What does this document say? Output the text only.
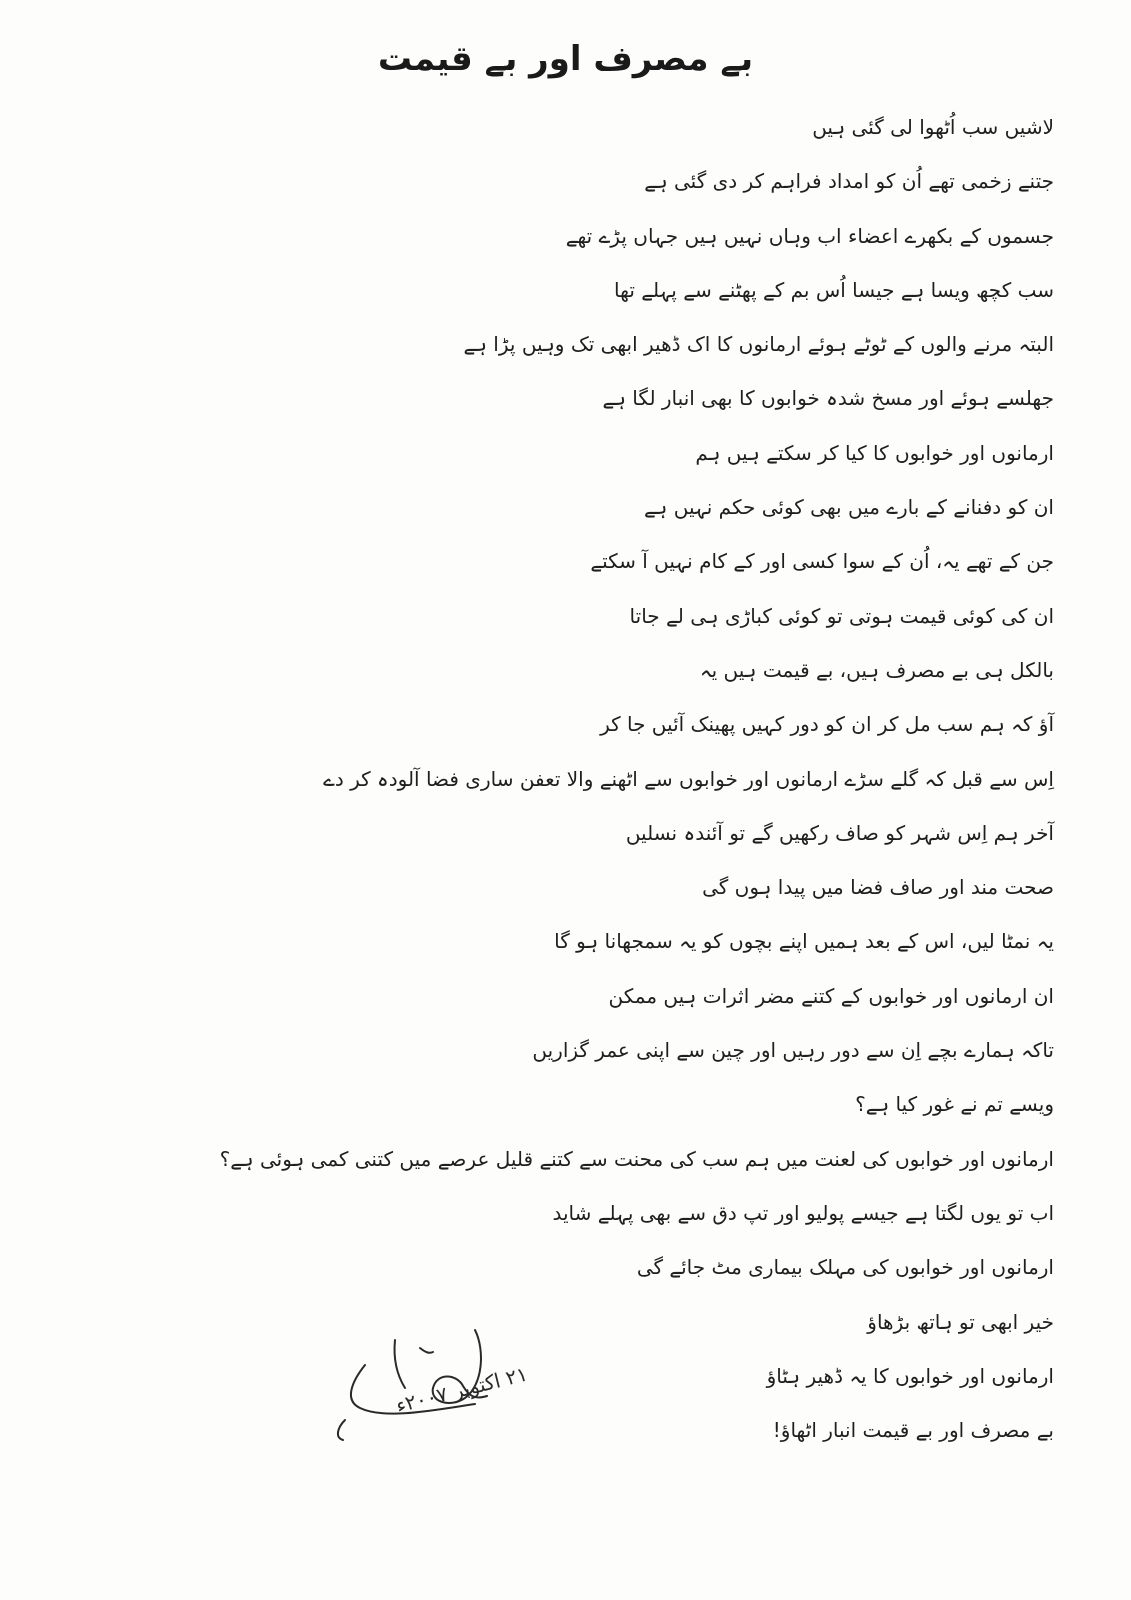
بے مصرف اور بے قیمت
لاشیں سب اُٹھوا لی گئی ہیں
جتنے زخمی تھے اُن کو امداد فراہم کر دی گئی ہے
جسموں کے بکھرے اعضاء اب وہاں نہیں ہیں جہاں پڑے تھے
سب کچھ ویسا ہے جیسا اُس بم کے پھٹنے سے پہلے تھا
البتہ مرنے والوں کے ٹوٹے ہوئے ارمانوں کا اک ڈھیر ابھی تک وہیں پڑا ہے
جھلسے ہوئے اور مسخ شدہ خوابوں کا بھی انبار لگا ہے
ارمانوں اور خوابوں کا کیا کر سکتے ہیں ہم
ان کو دفنانے کے بارے میں بھی کوئی حکم نہیں ہے
جن کے تھے یہ، اُن کے سوا کسی اور کے کام نہیں آ سکتے
ان کی کوئی قیمت ہوتی تو کوئی کباڑی ہی لے جاتا
بالکل ہی بے مصرف ہیں، بے قیمت ہیں یہ
آؤ کہ ہم سب مل کر ان کو دور کہیں پھینک آئیں جا کر
اِس سے قبل کہ گلے سڑے ارمانوں اور خوابوں سے اٹھنے والا تعفن ساری فضا آلودہ کر دے
آخر ہم اِس شہر کو صاف رکھیں گے تو آئندہ نسلیں
صحت مند اور صاف فضا میں پیدا ہوں گی
یہ نمٹا لیں، اس کے بعد ہمیں اپنے بچوں کو یہ سمجھانا ہو گا
ان ارمانوں اور خوابوں کے کتنے مضر اثرات ہیں ممکن
تاکہ ہمارے بچے اِن سے دور رہیں اور چین سے اپنی عمر گزاریں
ویسے تم نے غور کیا ہے؟
ارمانوں اور خوابوں کی لعنت میں ہم سب کی محنت سے کتنے قلیل عرصے میں کتنی کمی ہوئی ہے؟
اب تو یوں لگتا ہے جیسے پولیو اور تپ دق سے بھی پہلے شاید
ارمانوں اور خوابوں کی مہلک بیماری مٹ جائے گی
خیر ابھی تو ہاتھ بڑھاؤ
ارمانوں اور خوابوں کا یہ ڈھیر ہٹاؤ
بے مصرف اور بے قیمت انبار اٹھاؤ!
۲۱ اکتوبر ۲۰۰۷ء
